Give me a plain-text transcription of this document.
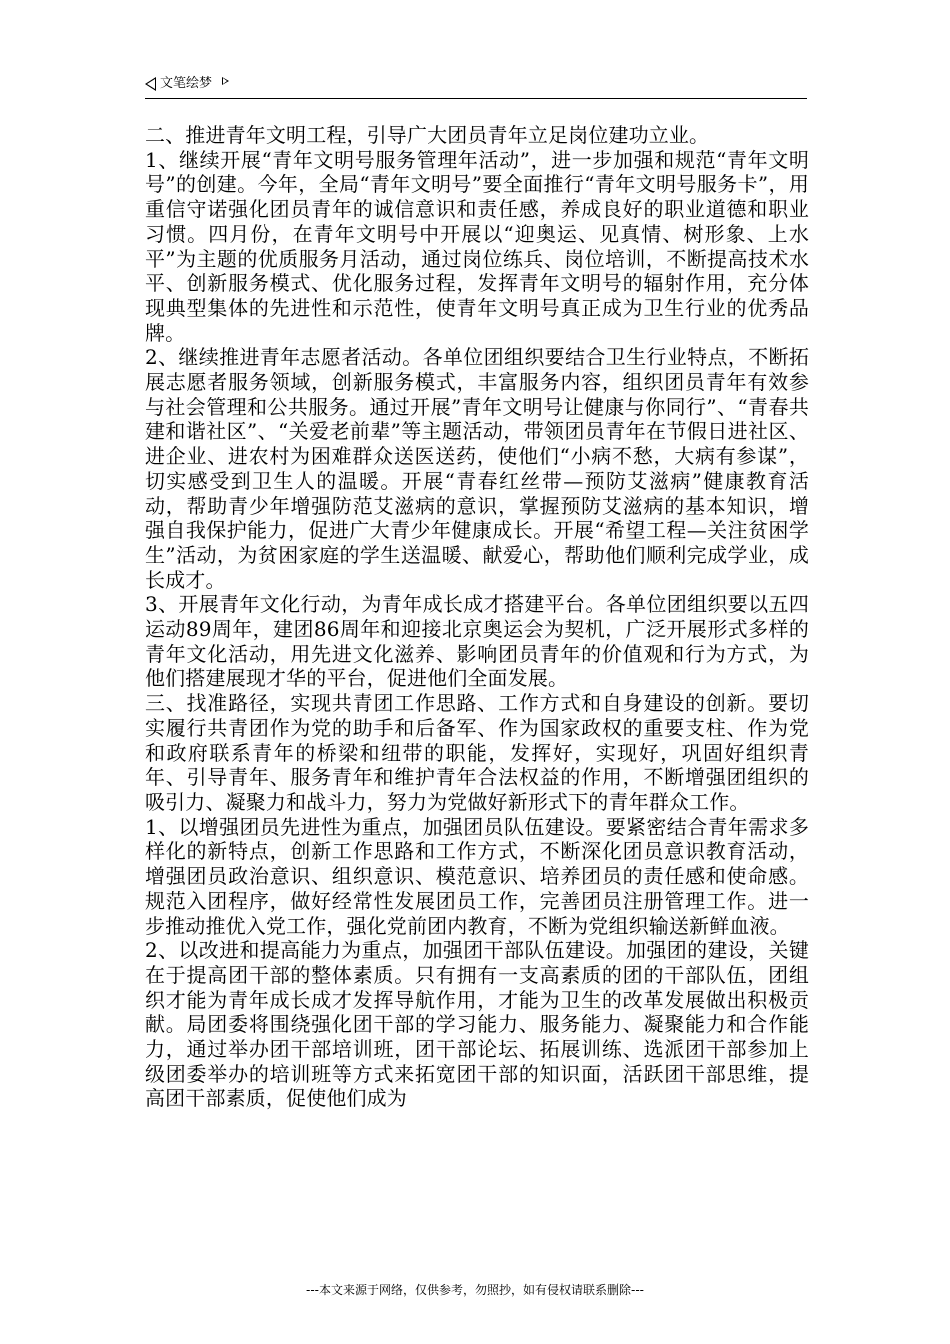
文笔绘梦

二、推进青年文明工程，引导广大团员青年立足岗位建功立业。

1、继续开展“青年文明号服务管理年活动”，进一步加强和规范“青年文明号”的创建。今年，全局“青年文明号”要全面推行“青年文明号服务卡”，用重信守诺强化团员青年的诚信意识和责任感，养成良好的职业道德和职业习惯。四月份，在青年文明号中开展以“迎奥运、见真情、树形象、上水平”为主题的优质服务月活动，通过岗位练兵、岗位培训，不断提高技术水平、创新服务模式、优化服务过程，发挥青年文明号的辐射作用，充分体现典型集体的先进性和示范性，使青年文明号真正成为卫生行业的优秀品牌。

2、继续推进青年志愿者活动。各单位团组织要结合卫生行业特点，不断拓展志愿者服务领域，创新服务模式，丰富服务内容，组织团员青年有效参与社会管理和公共服务。通过开展”青年文明号让健康与你同行”、“青春共建和谐社区”、“关爱老前辈”等主题活动，带领团员青年在节假日进社区、进企业、进农村为困难群众送医送药，使他们“小病不愁，大病有参谋”，切实感受到卫生人的温暖。开展“青春红丝带—预防艾滋病”健康教育活动，帮助青少年增强防范艾滋病的意识，掌握预防艾滋病的基本知识，增强自我保护能力，促进广大青少年健康成长。开展“希望工程—关注贫困学生”活动，为贫困家庭的学生送温暖、献爱心，帮助他们顺利完成学业，成长成才。

3、开展青年文化行动，为青年成长成才搭建平台。各单位团组织要以五四运动89周年，建团86周年和迎接北京奥运会为契机，广泛开展形式多样的青年文化活动，用先进文化滋养、影响团员青年的价值观和行为方式，为他们搭建展现才华的平台，促进他们全面发展。

三、找准路径，实现共青团工作思路、工作方式和自身建设的创新。要切实履行共青团作为党的助手和后备军、作为国家政权的重要支柱、作为党和政府联系青年的桥梁和纽带的职能，发挥好，实现好，巩固好组织青年、引导青年、服务青年和维护青年合法权益的作用，不断增强团组织的吸引力、凝聚力和战斗力，努力为党做好新形式下的青年群众工作。

1、以增强团员先进性为重点，加强团员队伍建设。要紧密结合青年需求多样化的新特点，创新工作思路和工作方式，不断深化团员意识教育活动，增强团员政治意识、组织意识、模范意识、培养团员的责任感和使命感。规范入团程序，做好经常性发展团员工作，完善团员注册管理工作。进一步推动推优入党工作，强化党前团内教育，不断为党组织输送新鲜血液。

2、以改进和提高能力为重点，加强团干部队伍建设。加强团的建设，关键在于提高团干部的整体素质。只有拥有一支高素质的团的干部队伍，团组织才能为青年成长成才发挥导航作用，才能为卫生的改革发展做出积极贡献。局团委将围绕强化团干部的学习能力、服务能力、凝聚能力和合作能力，通过举办团干部培训班，团干部论坛、拓展训练、选派团干部参加上级团委举办的培训班等方式来拓宽团干部的知识面，活跃团干部思维，提高团干部素质，促使他们成为

---本文来源于网络，仅供参考，勿照抄，如有侵权请联系删除---
